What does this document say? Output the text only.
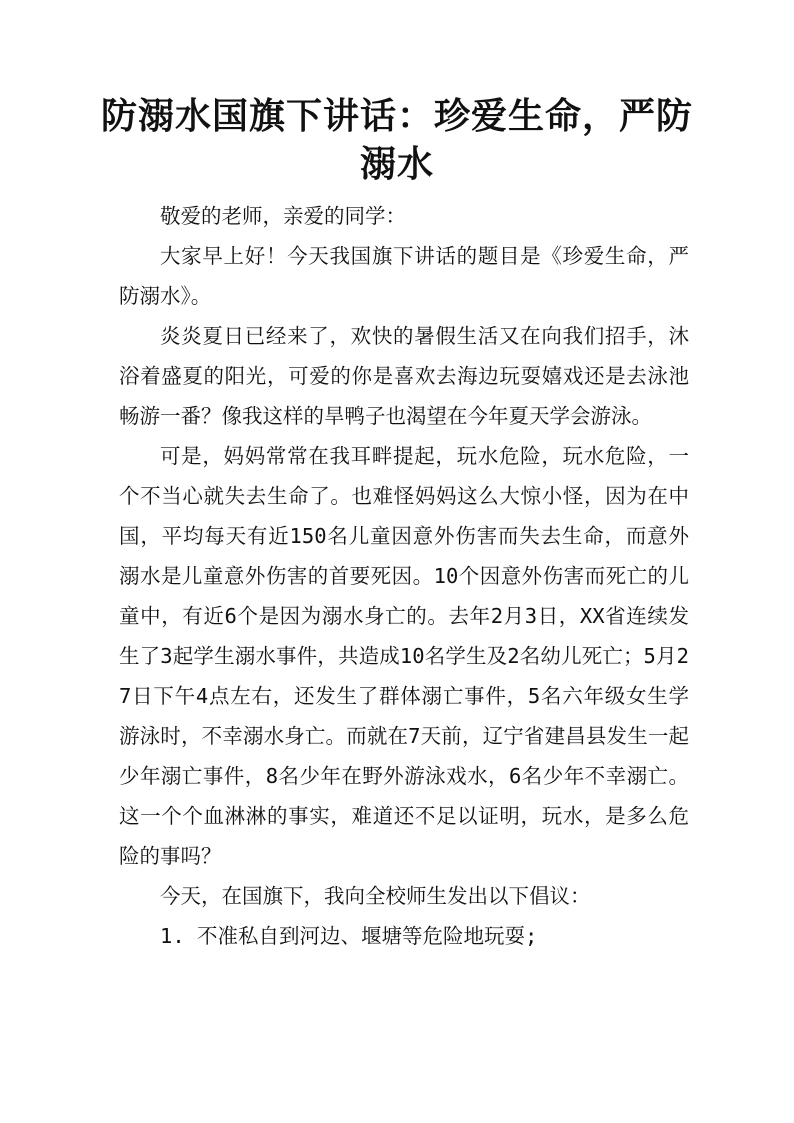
防溺水国旗下讲话：珍爱生命，严防溺水

敬爱的老师，亲爱的同学：

大家早上好！今天我国旗下讲话的题目是《珍爱生命，严防溺水》。

炎炎夏日已经来了，欢快的暑假生活又在向我们招手，沐浴着盛夏的阳光，可爱的你是喜欢去海边玩耍嬉戏还是去泳池畅游一番？像我这样的旱鸭子也渴望在今年夏天学会游泳。

可是，妈妈常常在我耳畔提起，玩水危险，玩水危险，一个不当心就失去生命了。也难怪妈妈这么大惊小怪，因为在中国，平均每天有近150名儿童因意外伤害而失去生命，而意外溺水是儿童意外伤害的首要死因。10个因意外伤害而死亡的儿童中，有近6个是因为溺水身亡的。去年2月3日，XX省连续发生了3起学生溺水事件，共造成10名学生及2名幼儿死亡；5月27日下午4点左右，还发生了群体溺亡事件，5名六年级女生学游泳时，不幸溺水身亡。而就在7天前，辽宁省建昌县发生一起少年溺亡事件，8名少年在野外游泳戏水，6名少年不幸溺亡。这一个个血淋淋的事实，难道还不足以证明，玩水，是多么危险的事吗？

今天，在国旗下，我向全校师生发出以下倡议：

1. 不准私自到河边、堰塘等危险地玩耍;
